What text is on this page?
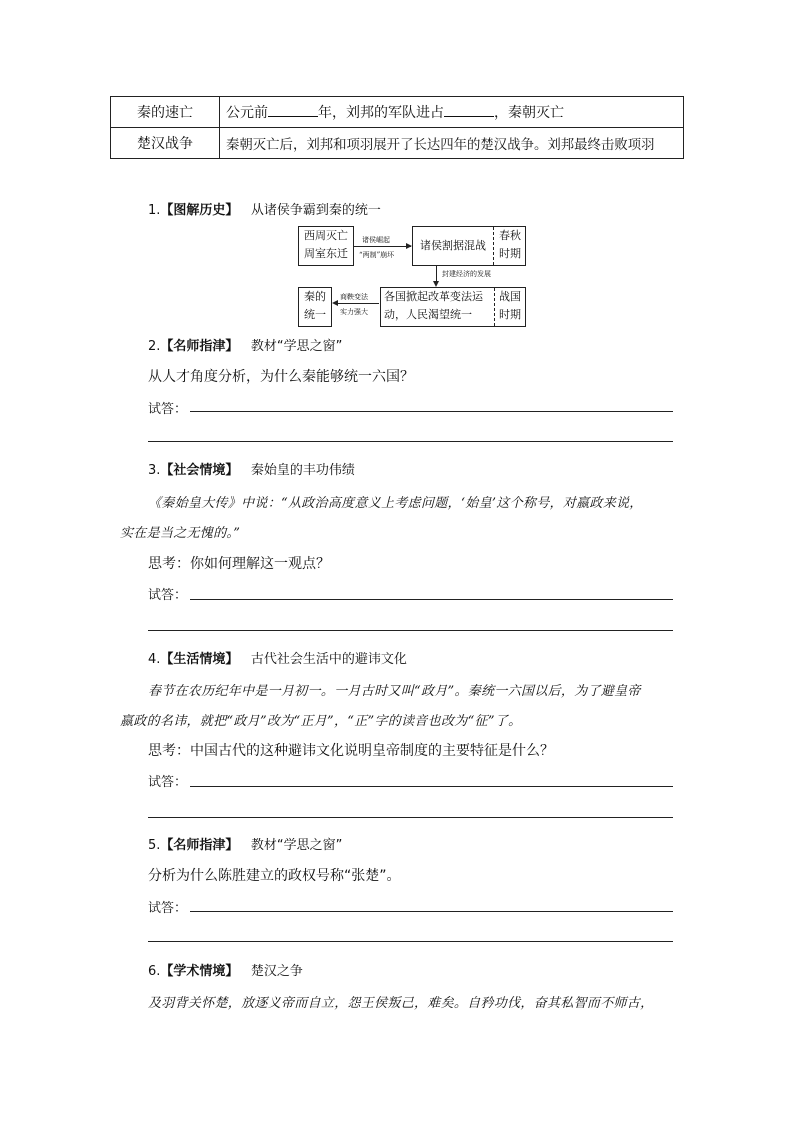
秦的速亡	公元前 年，刘邦的军队进占 ，秦朝灭亡
楚汉战争	秦朝灭亡后，刘邦和项羽展开了长达四年的楚汉战争。刘邦最终击败项羽
1.【图解历史】 从诸侯争霸到秦的统一
西周灭亡
周室东迁
诸侯崛起
“两制”崩坏
诸侯割据混战
春秋
时期
封建经济的发展
各国掀起改革变法运
动，人民渴望统一
战国
时期
商鞅变法
实力强大
秦的
统一
2.【名师指津】 教材“学思之窗”
从人才角度分析，为什么秦能够统一六国？
试答：
3.【社会情境】 秦始皇的丰功伟绩
《秦始皇大传》中说：“从政治高度意义上考虑问题，‘始皇’这个称号，对嬴政来说，
实在是当之无愧的。”
思考：你如何理解这一观点？
试答：
4.【生活情境】 古代社会生活中的避讳文化
春节在农历纪年中是一月初一。一月古时又叫“政月”。秦统一六国以后，为了避皇帝
嬴政的名讳，就把“政月”改为“正月”，“正”字的读音也改为“征”了。
思考：中国古代的这种避讳文化说明皇帝制度的主要特征是什么？
试答：
5.【名师指津】 教材“学思之窗”
分析为什么陈胜建立的政权号称“张楚”。
试答：
6.【学术情境】 楚汉之争
及羽背关怀楚，放逐义帝而自立，怨王侯叛己，难矣。自矜功伐，奋其私智而不师古，
